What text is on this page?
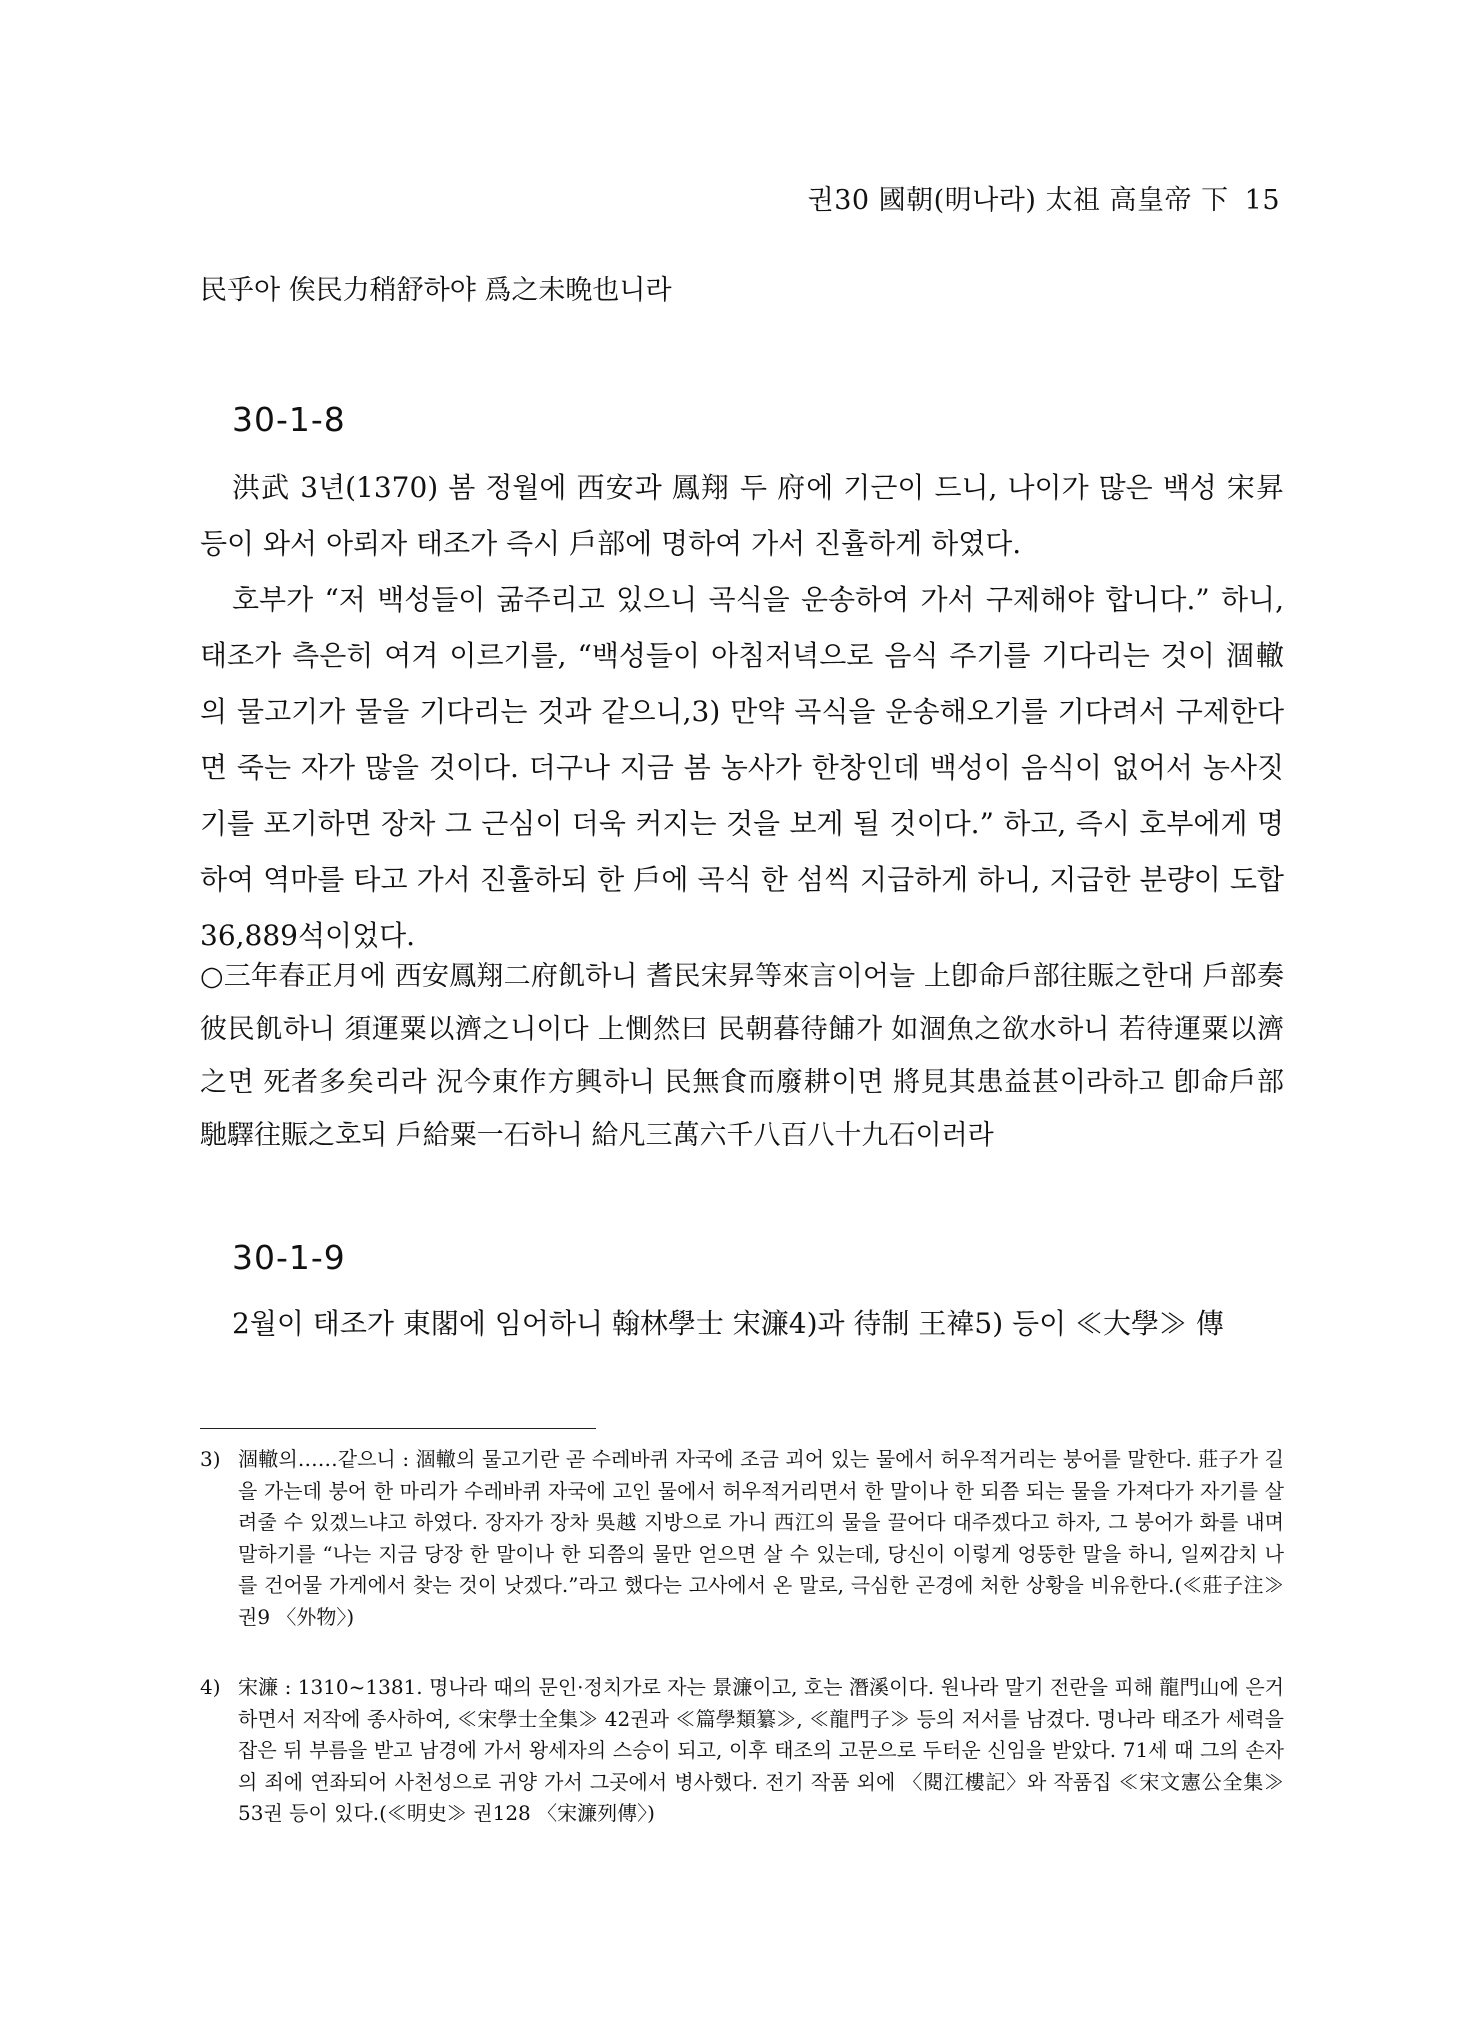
권30 國朝(明나라) 太祖 高皇帝 下 15
民乎아 俟民力稍舒하야 爲之未晩也니라
30-1-8

洪武 3년(1370) 봄 정월에 西安과 鳳翔 두 府에 기근이 드니, 나이가 많은 백성 宋昇 등이 와서 아뢰자 태조가 즉시 戶部에 명하여 가서 진휼하게 하였다.

호부가 “저 백성들이 굶주리고 있으니 곡식을 운송하여 가서 구제해야 합니다.” 하니, 태조가 측은히 여겨 이르기를, “백성들이 아침저녁으로 음식 주기를 기다리는 것이 涸轍의 물고기가 물을 기다리는 것과 같으니,3) 만약 곡식을 운송해오기를 기다려서 구제한다면 죽는 자가 많을 것이다. 더구나 지금 봄 농사가 한창인데 백성이 음식이 없어서 농사짓기를 포기하면 장차 그 근심이 더욱 커지는 것을 보게 될 것이다.” 하고, 즉시 호부에게 명하여 역마를 타고 가서 진휼하되 한 戶에 곡식 한 섬씩 지급하게 하니, 지급한 분량이 도합 36,889석이었다.

○三年春正月에 西安鳳翔二府飢하니 耆民宋昇等來言이어늘 上卽命戶部往賑之한대 戶部奏彼民飢하니 須運粟以濟之니이다 上惻然曰 民朝暮待餔가 如涸魚之欲水하니 若待運粟以濟之면 死者多矣리라 況今東作方興하니 民無食而廢耕이면 將見其患益甚이라하고 卽命戶部馳驛往賑之호되 戶給粟一石하니 給凡三萬六千八百八十九石이러라
30-1-9

2월이 태조가 東閣에 임어하니 翰林學士 宋濂4)과 待制 王褘5) 등이 ≪大學≫ 傳

3) 涸轍의……같으니 : 涸轍의 물고기란 곧 수레바퀴 자국에 조금 괴어 있는 물에서 허우적거리는 붕어를 말한다. 莊子가 길을 가는데 붕어 한 마리가 수레바퀴 자국에 고인 물에서 허우적거리면서 한 말이나 한 되쯤 되는 물을 가져다가 자기를 살려줄 수 있겠느냐고 하였다. 장자가 장차 吳越 지방으로 가니 西江의 물을 끌어다 대주겠다고 하자, 그 붕어가 화를 내며 말하기를 “나는 지금 당장 한 말이나 한 되쯤의 물만 얻으면 살 수 있는데, 당신이 이렇게 엉뚱한 말을 하니, 일찌감치 나를 건어물 가게에서 찾는 것이 낫겠다.”라고 했다는 고사에서 온 말로, 극심한 곤경에 처한 상황을 비유한다.(≪莊子注≫ 권9 〈外物〉)
4) 宋濂 : 1310~1381. 명나라 때의 문인·정치가로 자는 景濂이고, 호는 潛溪이다. 원나라 말기 전란을 피해 龍門山에 은거하면서 저작에 종사하여, ≪宋學士全集≫ 42권과 ≪篇學類纂≫, ≪龍門子≫ 등의 저서를 남겼다. 명나라 태조가 세력을 잡은 뒤 부름을 받고 남경에 가서 왕세자의 스승이 되고, 이후 태조의 고문으로 두터운 신임을 받았다. 71세 때 그의 손자의 죄에 연좌되어 사천성으로 귀양 가서 그곳에서 병사했다. 전기 작품 외에 〈閱江樓記〉와 작품집 ≪宋文憲公全集≫ 53권 등이 있다.(≪明史≫ 권128 〈宋濂列傳〉)
